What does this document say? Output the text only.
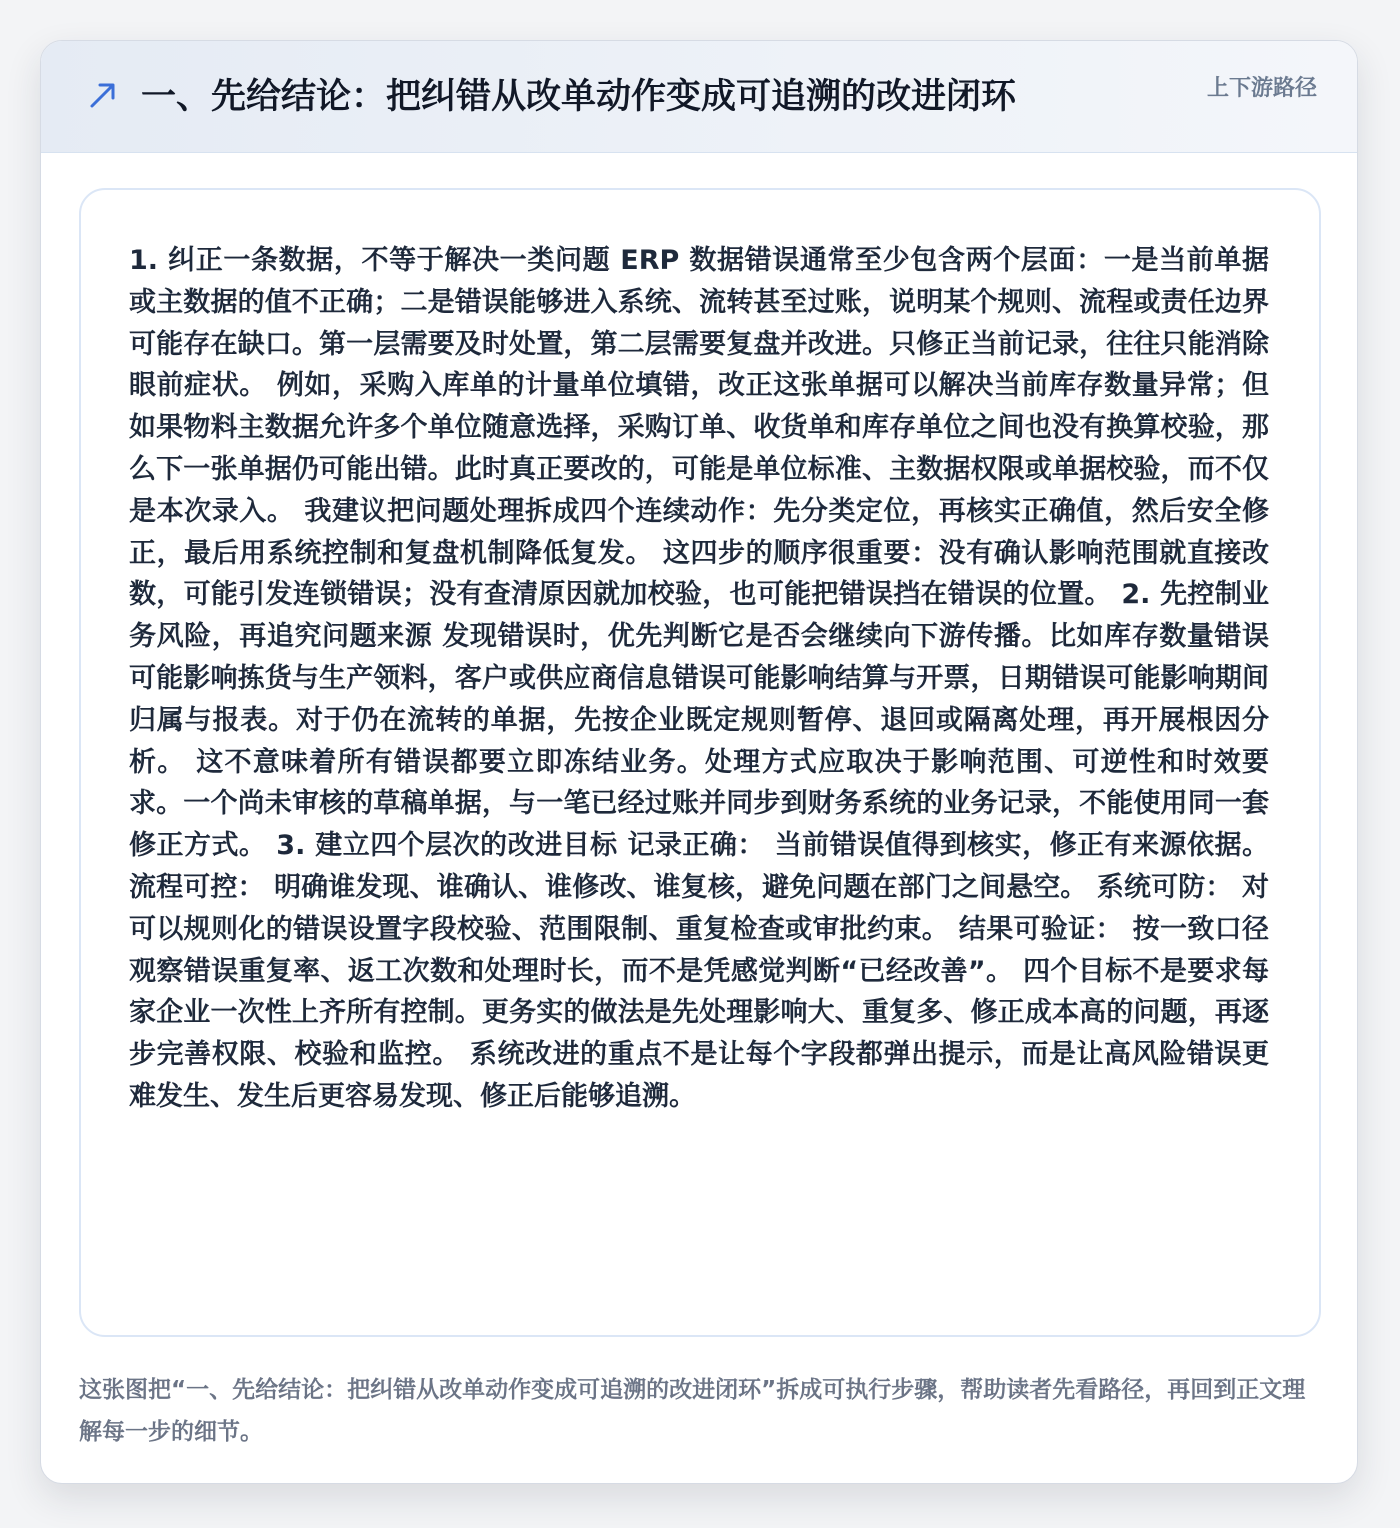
一、先给结论：把纠错从改单动作变成可追溯的改进闭环	上下游路径
1. 纠正一条数据，不等于解决一类问题 ERP 数据错误通常至少包含两个层面：一是当前单据或主数据的值不正确；二是错误能够进入系统、流转甚至过账，说明某个规则、流程或责任边界可能存在缺口。第一层需要及时处置，第二层需要复盘并改进。只修正当前记录，往往只能消除眼前症状。 例如，采购入库单的计量单位填错，改正这张单据可以解决当前库存数量异常；但如果物料主数据允许多个单位随意选择，采购订单、收货单和库存单位之间也没有换算校验，那么下一张单据仍可能出错。此时真正要改的，可能是单位标准、主数据权限或单据校验，而不仅是本次录入。 我建议把问题处理拆成四个连续动作：先分类定位，再核实正确值，然后安全修正，最后用系统控制和复盘机制降低复发。 这四步的顺序很重要：没有确认影响范围就直接改数，可能引发连锁错误；没有查清原因就加校验，也可能把错误挡在错误的位置。 2. 先控制业务风险，再追究问题来源 发现错误时，优先判断它是否会继续向下游传播。比如库存数量错误可能影响拣货与生产领料，客户或供应商信息错误可能影响结算与开票，日期错误可能影响期间归属与报表。对于仍在流转的单据，先按企业既定规则暂停、退回或隔离处理，再开展根因分析。 这不意味着所有错误都要立即冻结业务。处理方式应取决于影响范围、可逆性和时效要求。一个尚未审核的草稿单据，与一笔已经过账并同步到财务系统的业务记录，不能使用同一套修正方式。 3. 建立四个层次的改进目标 记录正确： 当前错误值得到核实，修正有来源依据。 流程可控： 明确谁发现、谁确认、谁修改、谁复核，避免问题在部门之间悬空。 系统可防： 对可以规则化的错误设置字段校验、范围限制、重复检查或审批约束。 结果可验证： 按一致口径观察错误重复率、返工次数和处理时长，而不是凭感觉判断“已经改善”。 四个目标不是要求每家企业一次性上齐所有控制。更务实的做法是先处理影响大、重复多、修正成本高的问题，再逐步完善权限、校验和监控。 系统改进的重点不是让每个字段都弹出提示，而是让高风险错误更难发生、发生后更容易发现、修正后能够追溯。
这张图把“一、先给结论：把纠错从改单动作变成可追溯的改进闭环”拆成可执行步骤，帮助读者先看路径，再回到正文理解每一步的细节。
